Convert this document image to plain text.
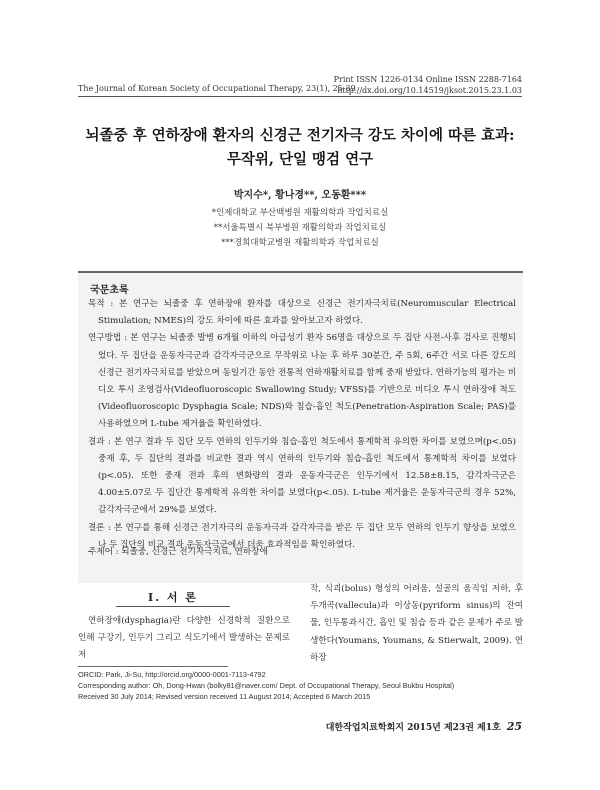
The Journal of Korean Society of Occupational Therapy, 23(1), 25-39
Print ISSN 1226-0134 Online ISSN 2288-7164
http://dx.doi.org/10.14519/jksot.2015.23.1.03
뇌졸중 후 연하장애 환자의 신경근 전기자극 강도 차이에 따른 효과:
무작위, 단일 맹검 연구
박지수*, 황나경**, 오동환***
*인제대학교 부산백병원 재활의학과 작업치료실
**서울특별시 북부병원 재활의학과 작업치료실
***경희대학교병원 재활의학과 작업치료실
국문초록

목적 : 본 연구는 뇌졸중 후 연하장애 환자를 대상으로 신경근 전기자극치료(Neuromuscular Electrical Stimulation; NMES)의 강도 차이에 따른 효과를 알아보고자 하였다.

연구방법 : 본 연구는 뇌졸중 발병 6개월 이하의 아급성기 환자 56명을 대상으로 두 집단 사전-사후 검사로 진행되었다. 두 집단을 운동자극군과 감각자극군으로 무작위로 나눈 후 하루 30분간, 주 5회, 6주간 서로 다른 강도의 신경근 전기자극치료를 받았으며 동일기간 동안 전통적 연하재활치료를 함께 중재 받았다. 연하기능의 평가는 비디오 투시 조영검사(Videofluoroscopic Swallowing Study; VFSS)를 기반으로 비디오 투시 연하장애 척도(Videofluoroscopic Dysphagia Scale; NDS)와 침습-흡인 척도(Penetration-Aspiration Scale; PAS)를 사용하였으며 L-tube 제거율을 확인하였다.

결과 : 본 연구 결과 두 집단 모두 연하의 인두기와 침습-흡인 척도에서 통계학적 유의한 차이를 보였으며(p<.05) 중재 후, 두 집단의 결과를 비교한 결과 역시 연하의 인두기와 침습-흡인 척도에서 통계학적 차이를 보였다(p<.05). 또한 중재 전과 후의 변화량의 결과 운동자극군은 인두기에서 12.58±8.15, 감각자극군은 4.00±5.07로 두 집단간 통계학적 유의한 차이를 보였다(p<.05). L-tube 제거율은 운동자극군의 경우 52%, 감각자극군에서 29%를 보였다.

결론 : 본 연구를 통해 신경근 전기자극의 운동자극과 감각자극을 받은 두 집단 모두 연하의 인두기 향상을 보였으나 두 집단의 비교 결과 운동자극군에서 더욱 효과적임을 확인하였다.

주제어 : 뇌졸중, 신경근 전기자극치료, 연하장애
Ⅰ. 서 론
연하장애(dysphagia)란 다양한 신경학적 질환으로 인해 구강기, 인두기 그리고 식도기에서 발생하는 문제로 저
작, 식괴(bolus) 형성의 어려움, 설골의 움직임 저하, 후두개곡(vallecula)과 이상동(pyriform sinus)의 잔여물, 인두통과시간, 흡인 및 침습 등과 같은 문제가 주로 발생한다(Youmans, Youmans, & Stierwalt, 2009). 연하장
ORCID: Park, Ji-Su, http://orcid.org/0000-0001-7113-4792
Corresponding author: Oh, Dong-Hwan (bolky81@naver.com/ Dept. of Occupational Therapy, Seoul Bukbu Hospital)
Received 30 July 2014; Revised version received 11 August 2014; Accepted 6 March 2015
대한작업치료학회지 2015년 제23권 제1호 25
